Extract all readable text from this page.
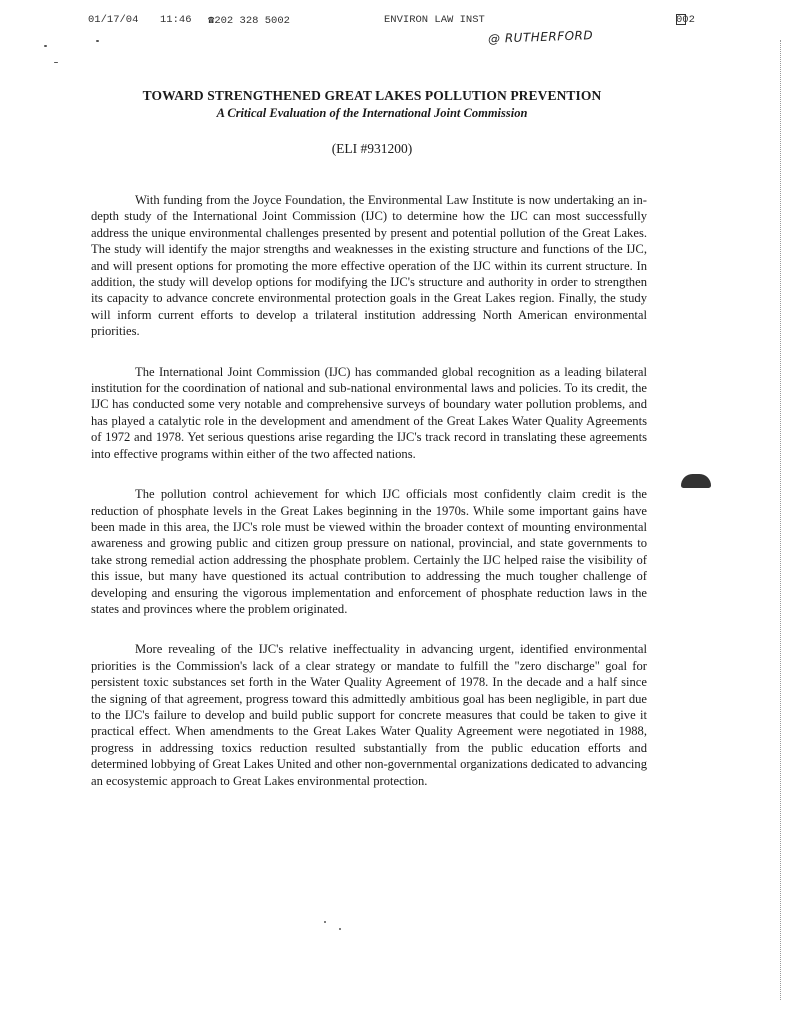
01/17/04 11:46 ☎202 328 5002	ENVIRON LAW INST	002
@ RUTHERFORD
TOWARD STRENGTHENED GREAT LAKES POLLUTION PREVENTION
A Critical Evaluation of the International Joint Commission

(ELI #931200)

With funding from the Joyce Foundation, the Environmental Law Institute is now undertaking an in-depth study of the International Joint Commission (IJC) to determine how the IJC can most successfully address the unique environmental challenges presented by present and potential pollution of the Great Lakes. The study will identify the major strengths and weaknesses in the existing structure and functions of the IJC, and will present options for promoting the more effective operation of the IJC within its current structure. In addition, the study will develop options for modifying the IJC's structure and authority in order to strengthen its capacity to advance concrete environmental protection goals in the Great Lakes region. Finally, the study will inform current efforts to develop a trilateral institution addressing North American environmental priorities.

The International Joint Commission (IJC) has commanded global recognition as a leading bilateral institution for the coordination of national and sub-national environmental laws and policies. To its credit, the IJC has conducted some very notable and comprehensive surveys of boundary water pollution problems, and has played a catalytic role in the development and amendment of the Great Lakes Water Quality Agreements of 1972 and 1978. Yet serious questions arise regarding the IJC's track record in translating these agreements into effective programs within either of the two affected nations.

The pollution control achievement for which IJC officials most confidently claim credit is the reduction of phosphate levels in the Great Lakes beginning in the 1970s. While some important gains have been made in this area, the IJC's role must be viewed within the broader context of mounting environmental awareness and growing public and citizen group pressure on national, provincial, and state governments to take strong remedial action addressing the phosphate problem. Certainly the IJC helped raise the visibility of this issue, but many have questioned its actual contribution to addressing the much tougher challenge of developing and ensuring the vigorous implementation and enforcement of phosphate reduction laws in the states and provinces where the problem originated.

More revealing of the IJC's relative ineffectuality in advancing urgent, identified environmental priorities is the Commission's lack of a clear strategy or mandate to fulfill the "zero discharge" goal for persistent toxic substances set forth in the Water Quality Agreement of 1978. In the decade and a half since the signing of that agreement, progress toward this admittedly ambitious goal has been negligible, in part due to the IJC's failure to develop and build public support for concrete measures that could be taken to give it practical effect. When amendments to the Great Lakes Water Quality Agreement were negotiated in 1988, progress in addressing toxics reduction resulted substantially from the public education efforts and determined lobbying of Great Lakes United and other non-governmental organizations dedicated to advancing an ecosystemic approach to Great Lakes environmental protection.
